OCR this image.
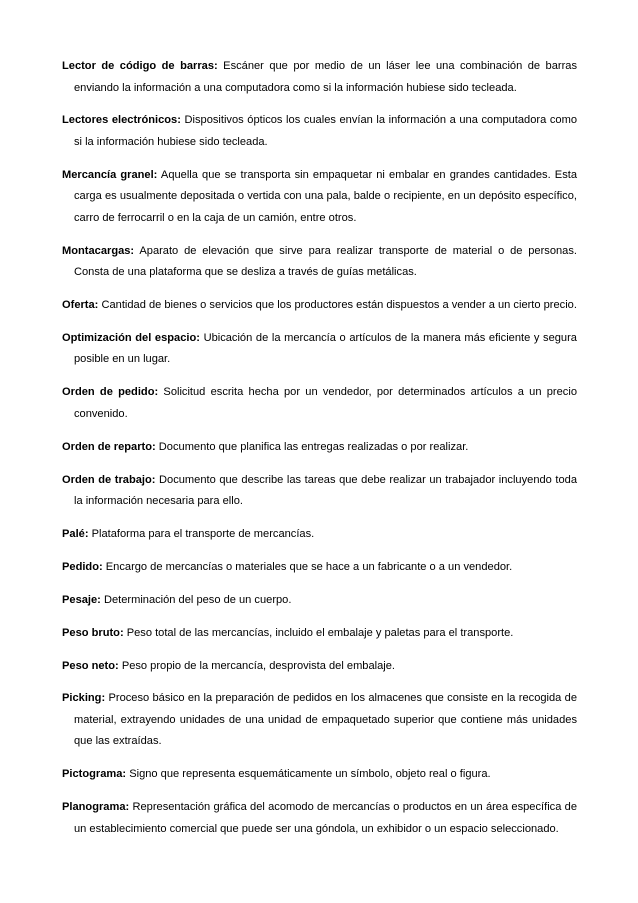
Lector de código de barras: Escáner que por medio de un láser lee una combinación de barras enviando la información a una computadora como si la información hubiese sido tecleada.

Lectores electrónicos: Dispositivos ópticos los cuales envían la información a una computadora como si la información hubiese sido tecleada.

Mercancía granel: Aquella que se transporta sin empaquetar ni embalar en grandes cantidades. Esta carga es usualmente depositada o vertida con una pala, balde o recipiente, en un depósito específico, carro de ferrocarril o en la caja de un camión, entre otros.

Montacargas: Aparato de elevación que sirve para realizar transporte de material o de personas. Consta de una plataforma que se desliza a través de guías metálicas.

Oferta: Cantidad de bienes o servicios que los productores están dispuestos a vender a un cierto precio.

Optimización del espacio: Ubicación de la mercancía o artículos de la manera más eficiente y segura posible en un lugar.

Orden de pedido: Solicitud escrita hecha por un vendedor, por determinados artículos a un precio convenido.

Orden de reparto: Documento que planifica las entregas realizadas o por realizar.

Orden de trabajo: Documento que describe las tareas que debe realizar un trabajador incluyendo toda la información necesaria para ello.

Palé: Plataforma para el transporte de mercancías.

Pedido: Encargo de mercancías o materiales que se hace a un fabricante o a un vendedor.

Pesaje: Determinación del peso de un cuerpo.

Peso bruto: Peso total de las mercancías, incluido el embalaje y paletas para el transporte.

Peso neto: Peso propio de la mercancía, desprovista del embalaje.

Picking: Proceso básico en la preparación de pedidos en los almacenes que consiste en la recogida de material, extrayendo unidades de una unidad de empaquetado superior que contiene más unidades que las extraídas.

Pictograma: Signo que representa esquemáticamente un símbolo, objeto real o figura.

Planograma: Representación gráfica del acomodo de mercancías o productos en un área específica de un establecimiento comercial que puede ser una góndola, un exhibidor o un espacio seleccionado.
